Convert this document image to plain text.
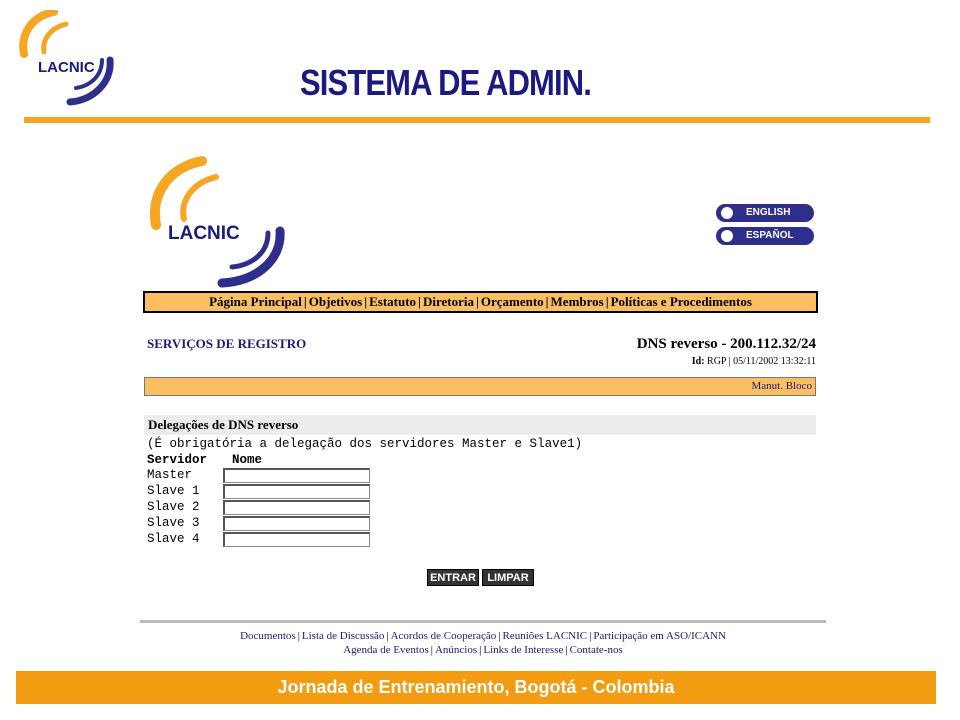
LACNIC	SISTEMA DE ADMIN.
LACNIC
ENGLISH
ESPAÑOL
Página Principal | Objetivos | Estatuto | Diretoria | Orçamento | Membros | Políticas e Procedimentos
SERVIÇOS DE REGISTRO	DNS reverso - 200.112.32/24
Id: RGP | 05/11/2002 13:32:11
Manut. Bloco
Delegações de DNS reverso
(É obrigatória a delegação dos servidores Master e Slave1)
Servidor Nome
Master
Slave 1
Slave 2
Slave 3
Slave 4
ENTRAR	LIMPAR
Documentos | Lista de Discussão | Acordos de Cooperação | Reuniões LACNIC | Participação em ASO/ICANN
Agenda de Eventos | Anúncios | Links de Interesse | Contate-nos
Jornada de Entrenamiento, Bogotá - Colombia
